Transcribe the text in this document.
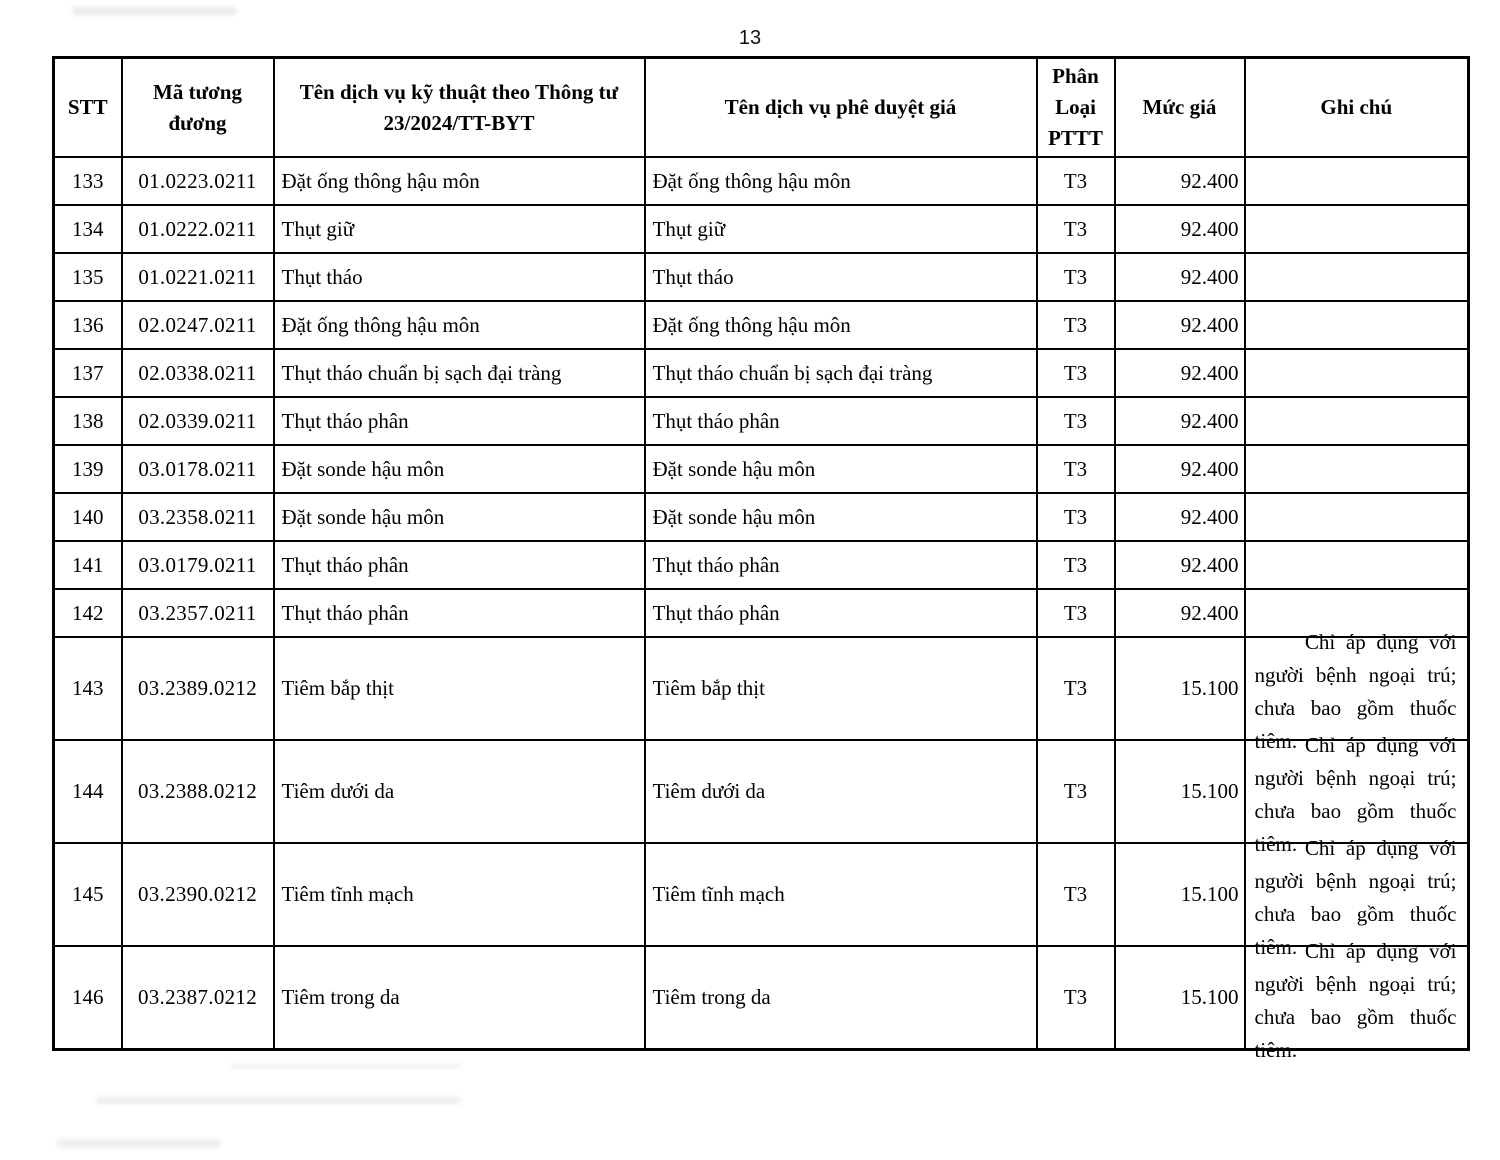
13
STT	Mã tương đương	Tên dịch vụ kỹ thuật theo Thông tư 23/2024/TT-BYT	Tên dịch vụ phê duyệt giá	Phân Loại PTTT	Mức giá	Ghi chú
133	01.0223.0211	Đặt ống thông hậu môn	Đặt ống thông hậu môn	T3	92.400	

134	01.0222.0211	Thụt giữ	Thụt giữ	T3	92.400	

135	01.0221.0211	Thụt tháo	Thụt tháo	T3	92.400	

136	02.0247.0211	Đặt ống thông hậu môn	Đặt ống thông hậu môn	T3	92.400	

137	02.0338.0211	Thụt tháo chuẩn bị sạch đại tràng	Thụt tháo chuẩn bị sạch đại tràng	T3	92.400	

138	02.0339.0211	Thụt tháo phân	Thụt tháo phân	T3	92.400	

139	03.0178.0211	Đặt sonde hậu môn	Đặt sonde hậu môn	T3	92.400	

140	03.2358.0211	Đặt sonde hậu môn	Đặt sonde hậu môn	T3	92.400	

141	03.0179.0211	Thụt tháo phân	Thụt tháo phân	T3	92.400	

142	03.2357.0211	Thụt tháo phân	Thụt tháo phân	T3	92.400	

143	03.2389.0212	Tiêm bắp thịt	Tiêm bắp thịt	T3	15.100	Chỉ áp dụng với người bệnh ngoại trú; chưa bao gồm thuốc tiêm.

144	03.2388.0212	Tiêm dưới da	Tiêm dưới da	T3	15.100	Chỉ áp dụng với người bệnh ngoại trú; chưa bao gồm thuốc tiêm.

145	03.2390.0212	Tiêm tĩnh mạch	Tiêm tĩnh mạch	T3	15.100	Chỉ áp dụng với người bệnh ngoại trú; chưa bao gồm thuốc tiêm.

146	03.2387.0212	Tiêm trong da	Tiêm trong da	T3	15.100	Chỉ áp dụng với người bệnh ngoại trú; chưa bao gồm thuốc tiêm.
